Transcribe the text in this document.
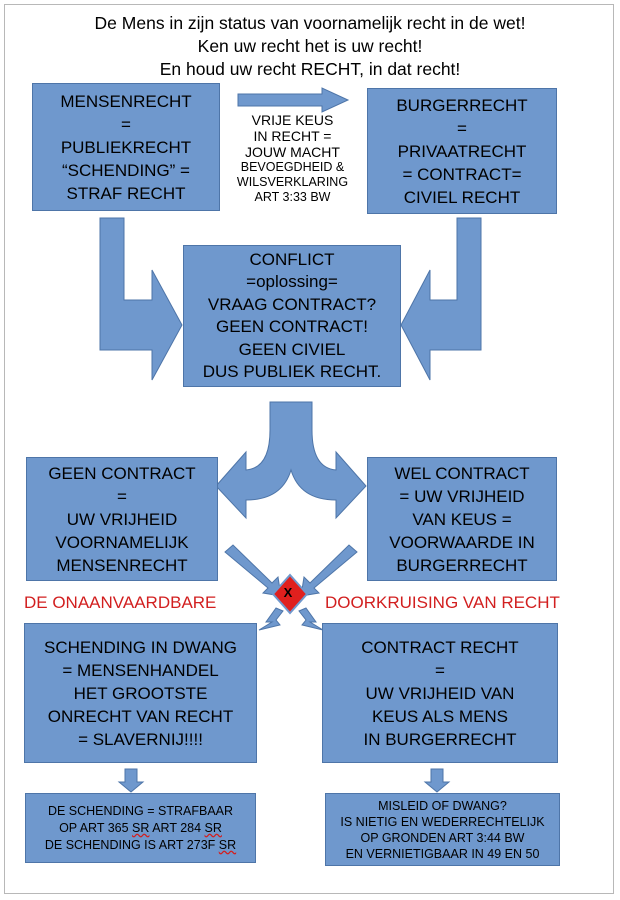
De Mens in zijn status van voornamelijk recht in de wet!
Ken uw recht het is uw recht!
En houd uw recht RECHT, in dat recht!
X
MENSENRECHT
=
PUBLIEKRECHT
“SCHENDING” =
STRAF RECHT
VRIJE KEUS
IN RECHT =
JOUW MACHT
BEVOEGDHEID &
WILSVERKLARING
ART 3:33 BW
BURGERRECHT
=
PRIVAATRECHT
= CONTRACT=
CIVIEL RECHT
CONFLICT
=oplossing=
VRAAG CONTRACT?
GEEN CONTRACT!
GEEN CIVIEL
DUS PUBLIEK RECHT.
GEEN CONTRACT
=
UW VRIJHEID
VOORNAMELIJK
MENSENRECHT
WEL CONTRACT
= UW VRIJHEID
VAN KEUS =
VOORWAARDE IN
BURGERRECHT
DE ONAANVAARDBARE	DOORKRUISING VAN RECHT
SCHENDING IN DWANG
= MENSENHANDEL
HET GROOTSTE
ONRECHT VAN RECHT
= SLAVERNIJ!!!!
CONTRACT RECHT
=
UW VRIJHEID VAN
KEUS ALS MENS
IN BURGERRECHT
DE SCHENDING = STRAFBAAR
OP ART 365 SR ART 284 SR
DE SCHENDING IS ART 273F SR
MISLEID OF DWANG?
IS NIETIG EN WEDERRECHTELIJK
OP GRONDEN ART 3:44 BW
EN VERNIETIGBAAR IN 49 EN 50
